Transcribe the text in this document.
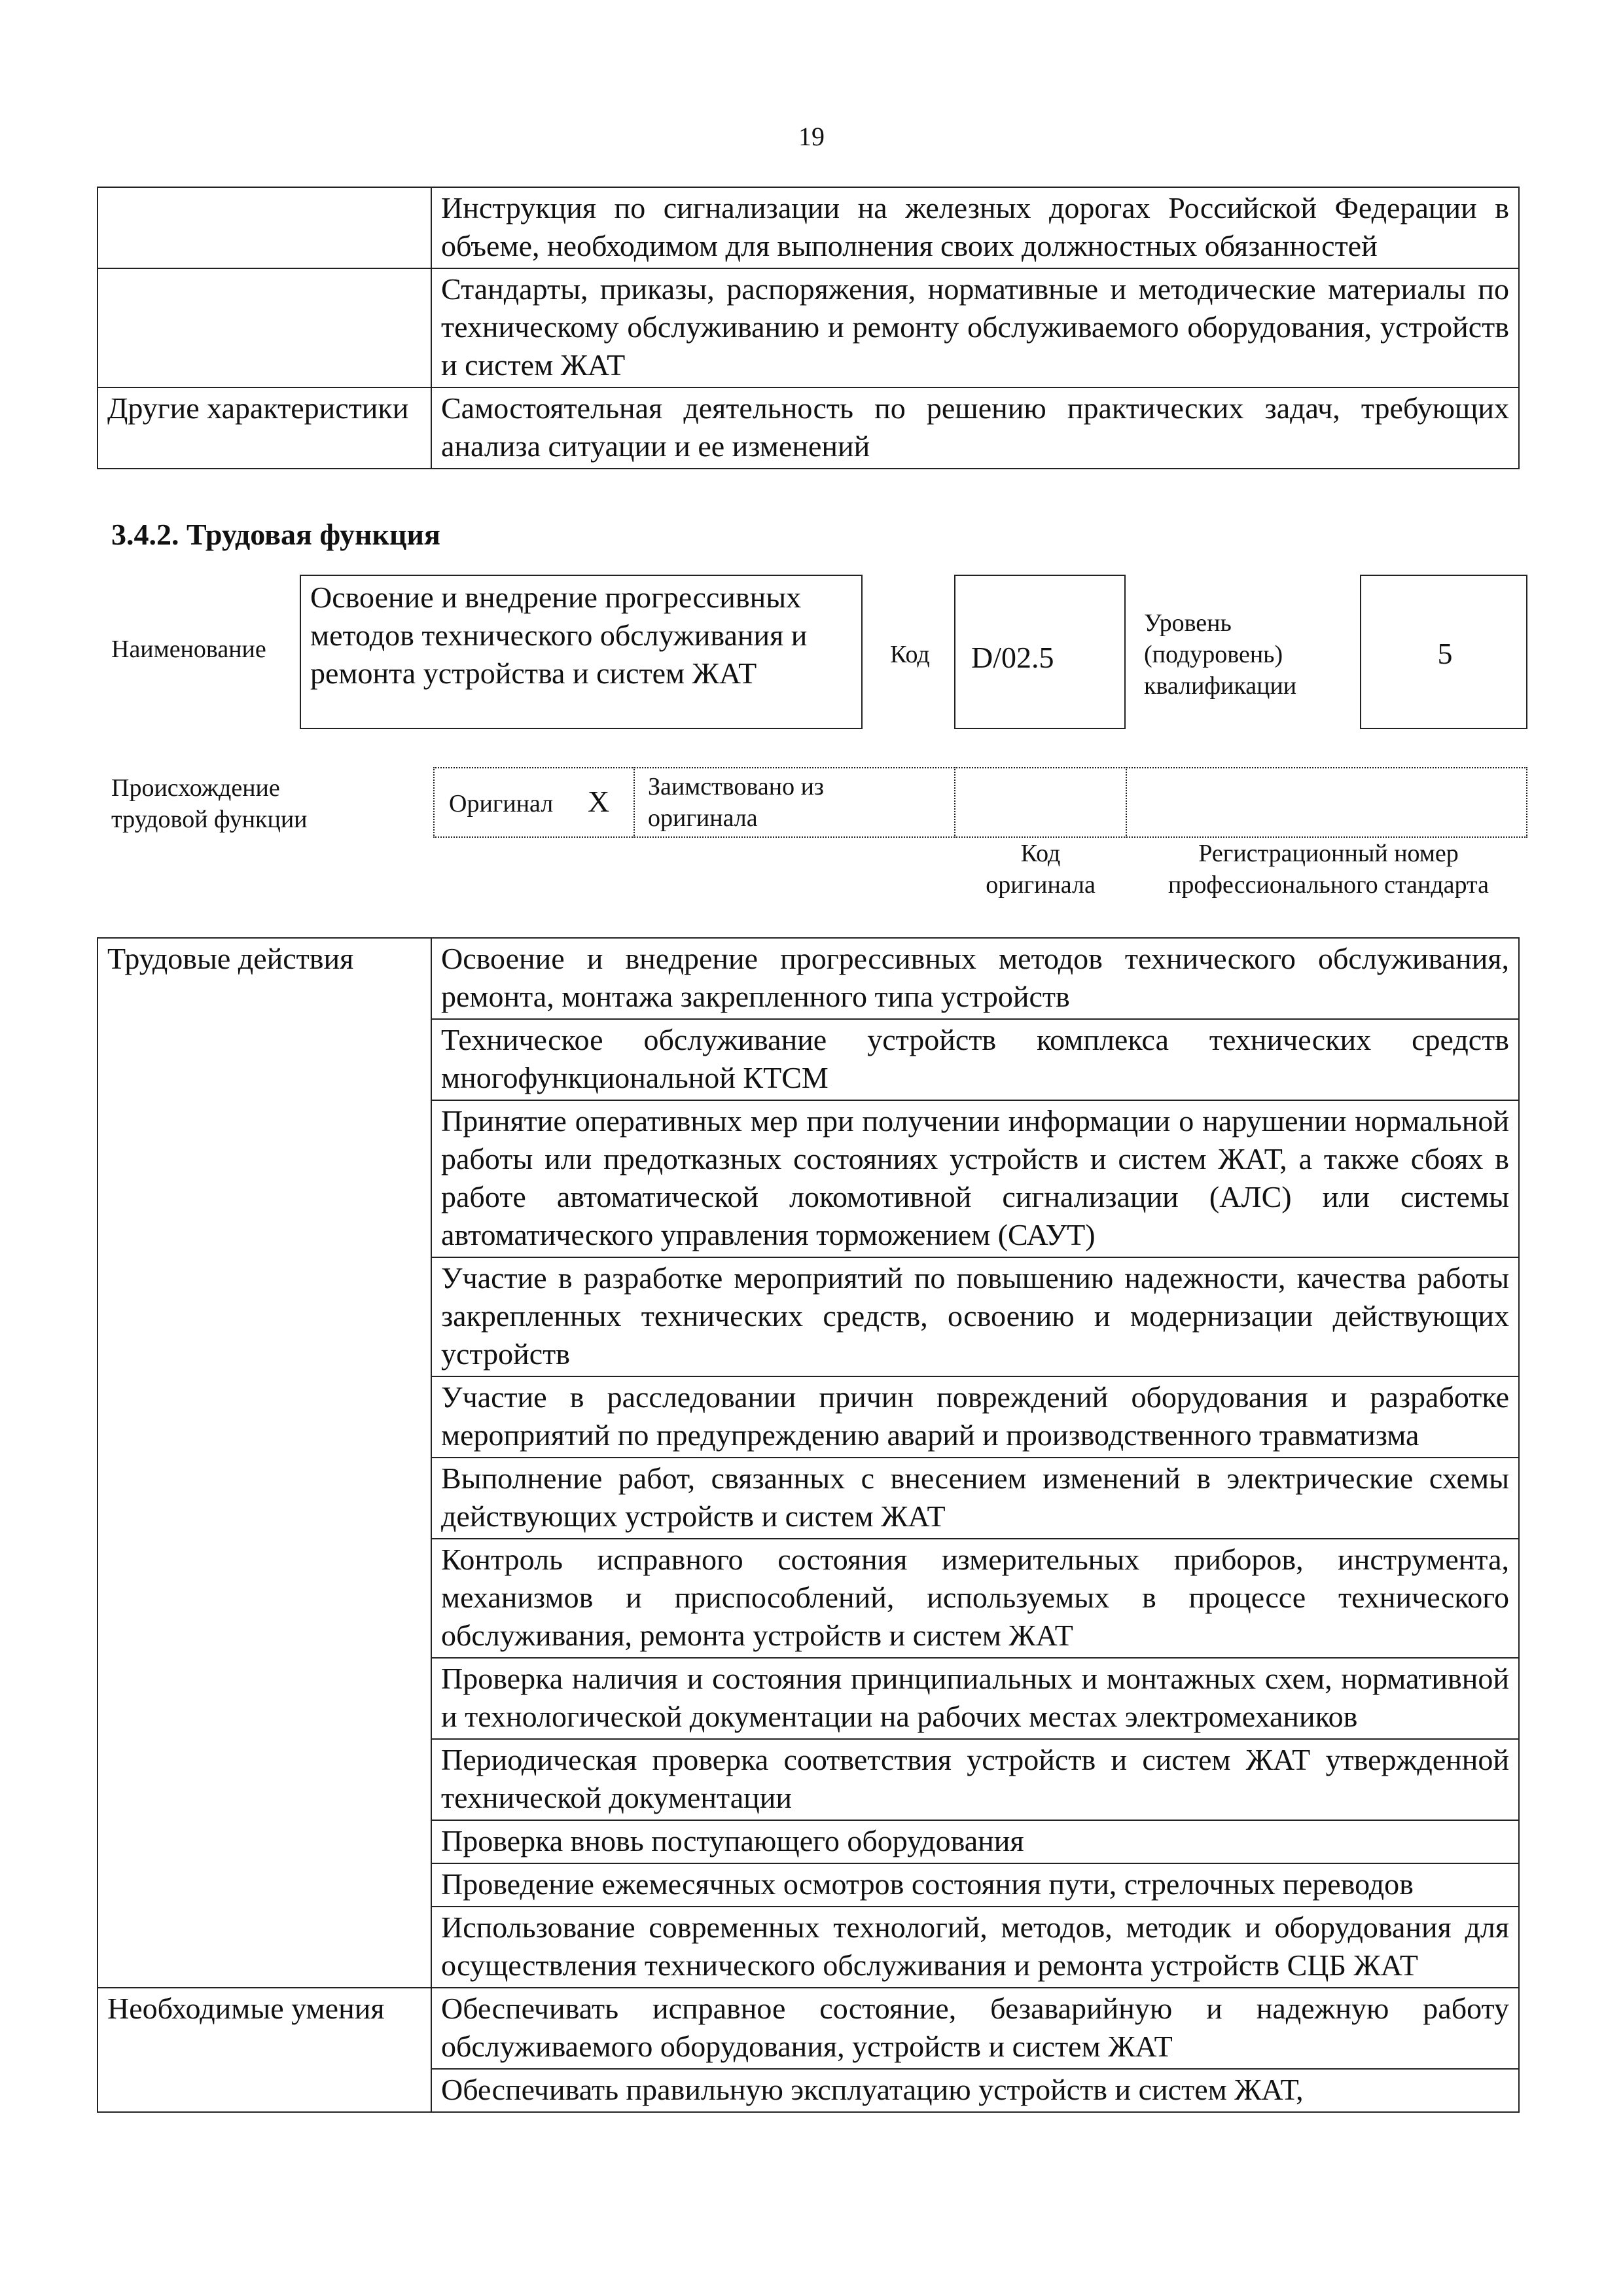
19
	Инструкция по сигнализации на железных дорогах Российской Федерации в объеме, необходимом для выполнения своих должностных обязанностей
	Стандарты, приказы, распоряжения, нормативные и методические материалы по техническому обслуживанию и ремонту обслуживаемого оборудования, устройств и систем ЖАТ
Другие характеристики	Самостоятельная деятельность по решению практических задач, требующих анализа ситуации и ее изменений
3.4.2. Трудовая функция
Наименование
Освоение и внедрение прогрессивных методов технического обслуживания и ремонта устройства и систем ЖАТ
Код D/02.5
Уровень (подуровень) квалификации
5
Происхождение трудовой функции
Оригинал X Заимствовано из оригинала
Код оригинала
Регистрационный номер профессионального стандарта
Трудовые действия	Освоение и внедрение прогрессивных методов технического обслуживания, ремонта, монтажа закрепленного типа устройств
	Техническое обслуживание устройств комплекса технических средств многофункциональной КТСМ
	Принятие оперативных мер при получении информации о нарушении нормальной работы или предотказных состояниях устройств и систем ЖАТ, а также сбоях в работе автоматической локомотивной сигнализации (АЛС) или системы автоматического управления торможением (САУТ)
	Участие в разработке мероприятий по повышению надежности, качества работы закрепленных технических средств, освоению и модернизации действующих устройств
	Участие в расследовании причин повреждений оборудования и разработке мероприятий по предупреждению аварий и производственного травматизма
	Выполнение работ, связанных с внесением изменений в электрические схемы действующих устройств и систем ЖАТ
	Контроль исправного состояния измерительных приборов, инструмента, механизмов и приспособлений, используемых в процессе технического обслуживания, ремонта устройств и систем ЖАТ
	Проверка наличия и состояния принципиальных и монтажных схем, нормативной и технологической документации на рабочих местах электромехаников
	Периодическая проверка соответствия устройств и систем ЖАТ утвержденной технической документации
	Проверка вновь поступающего оборудования
	Проведение ежемесячных осмотров состояния пути, стрелочных переводов
	Использование современных технологий, методов, методик и оборудования для осуществления технического обслуживания и ремонта устройств СЦБ ЖАТ
Необходимые умения	Обеспечивать исправное состояние, безаварийную и надежную работу обслуживаемого оборудования, устройств и систем ЖАТ
	Обеспечивать правильную эксплуатацию устройств и систем ЖАТ,
